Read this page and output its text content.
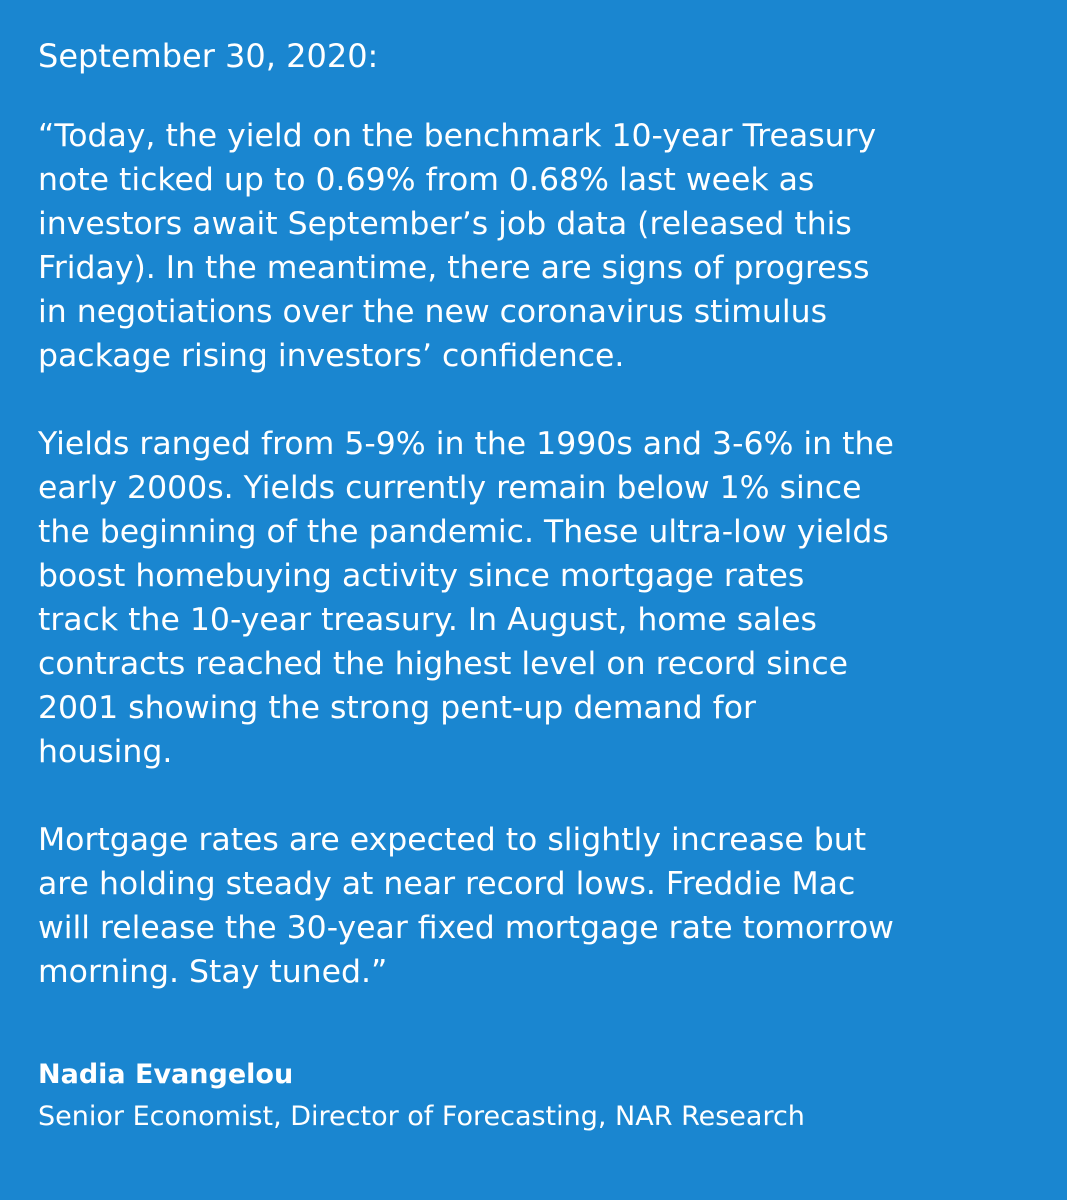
September 30, 2020:

“Today, the yield on the benchmark 10-year Treasury
note ticked up to 0.69% from 0.68% last week as
investors await September’s job data (released this
Friday). In the meantime, there are signs of progress
in negotiations over the new coronavirus stimulus
package rising investors’ confidence.

Yields ranged from 5-9% in the 1990s and 3-6% in the
early 2000s. Yields currently remain below 1% since
the beginning of the pandemic. These ultra-low yields
boost homebuying activity since mortgage rates
track the 10-year treasury. In August, home sales
contracts reached the highest level on record since
2001 showing the strong pent-up demand for
housing.

Mortgage rates are expected to slightly increase but
are holding steady at near record lows. Freddie Mac
will release the 30-year fixed mortgage rate tomorrow
morning. Stay tuned.”

Nadia Evangelou
Senior Economist, Director of Forecasting, NAR Research
